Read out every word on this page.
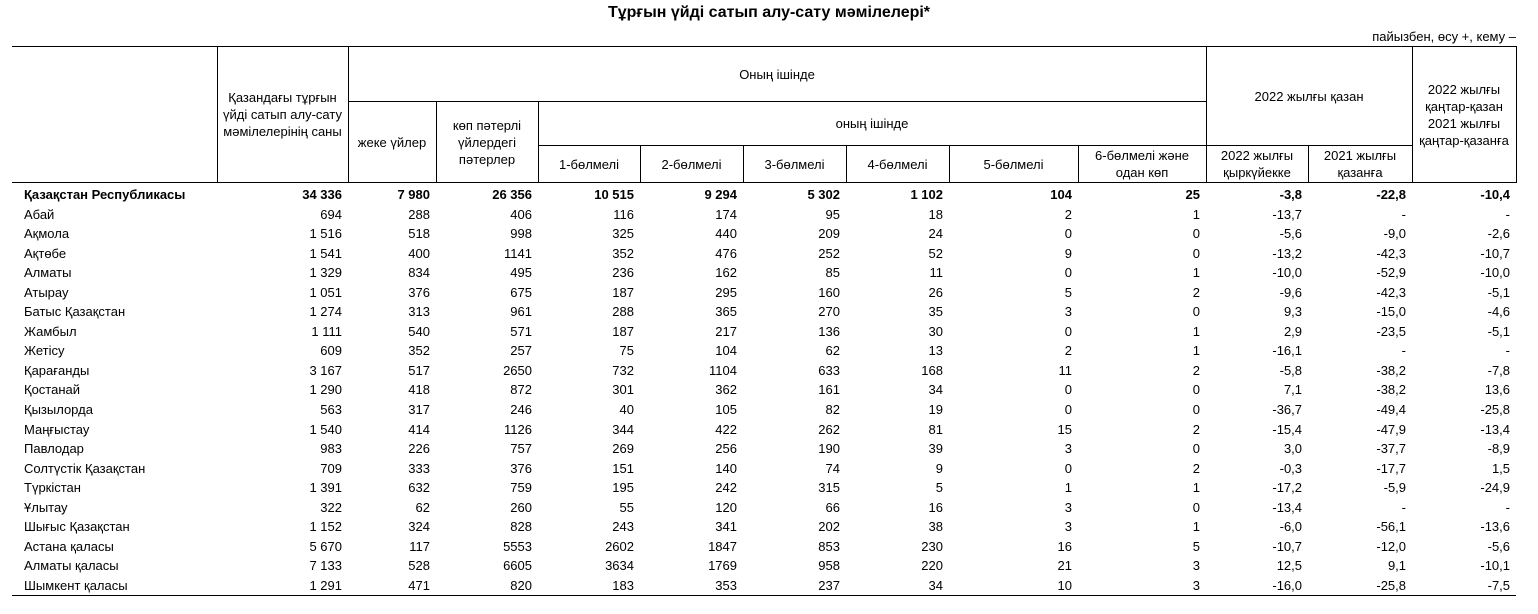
Тұрғын үйді сатып алу-сату мәмілелері*
пайызбен, өсу +, кему –
	Қазандағы тұрғын үйді сатып алу-сату мәмілелерінің саны	Оның ішінде								2022 жылғы қазан		2022 жылғы қаңтар-қазан 2021 жылғы қаңтар-қазанға
		жеке үйлер	көп пәтерлі үйлердегі пәтерлер	оның ішінде								
				1-бөлмелі	2-бөлмелі	3-бөлмелі	4-бөлмелі	5-бөлмелі	6-бөлмелі және одан көп	2022 жылғы қыркүйекке	2021 жылғы қазанға	
Қазақстан Республикасы	34 336	7 980	26 356	10 515	9 294	5 302	1 102	104	25	-3,8	-22,8	-10,4
Абай	694	288	406	116	174	95	18	2	1	-13,7	-	-
Ақмола	1 516	518	998	325	440	209	24	0	0	-5,6	-9,0	-2,6
Ақтөбе	1 541	400	1141	352	476	252	52	9	0	-13,2	-42,3	-10,7
Алматы	1 329	834	495	236	162	85	11	0	1	-10,0	-52,9	-10,0
Атырау	1 051	376	675	187	295	160	26	5	2	-9,6	-42,3	-5,1
Батыс Қазақстан	1 274	313	961	288	365	270	35	3	0	9,3	-15,0	-4,6
Жамбыл	1 111	540	571	187	217	136	30	0	1	2,9	-23,5	-5,1
Жетісу	609	352	257	75	104	62	13	2	1	-16,1	-	-
Қарағанды	3 167	517	2650	732	1104	633	168	11	2	-5,8	-38,2	-7,8
Қостанай	1 290	418	872	301	362	161	34	0	0	7,1	-38,2	13,6
Қызылорда	563	317	246	40	105	82	19	0	0	-36,7	-49,4	-25,8
Маңғыстау	1 540	414	1126	344	422	262	81	15	2	-15,4	-47,9	-13,4
Павлодар	983	226	757	269	256	190	39	3	0	3,0	-37,7	-8,9
Солтүстік Қазақстан	709	333	376	151	140	74	9	0	2	-0,3	-17,7	1,5
Түркістан	1 391	632	759	195	242	315	5	1	1	-17,2	-5,9	-24,9
Ұлытау	322	62	260	55	120	66	16	3	0	-13,4	-	-
Шығыс Қазақстан	1 152	324	828	243	341	202	38	3	1	-6,0	-56,1	-13,6
Астана қаласы	5 670	117	5553	2602	1847	853	230	16	5	-10,7	-12,0	-5,6
Алматы қаласы	7 133	528	6605	3634	1769	958	220	21	3	12,5	9,1	-10,1
Шымкент қаласы	1 291	471	820	183	353	237	34	10	3	-16,0	-25,8	-7,5
